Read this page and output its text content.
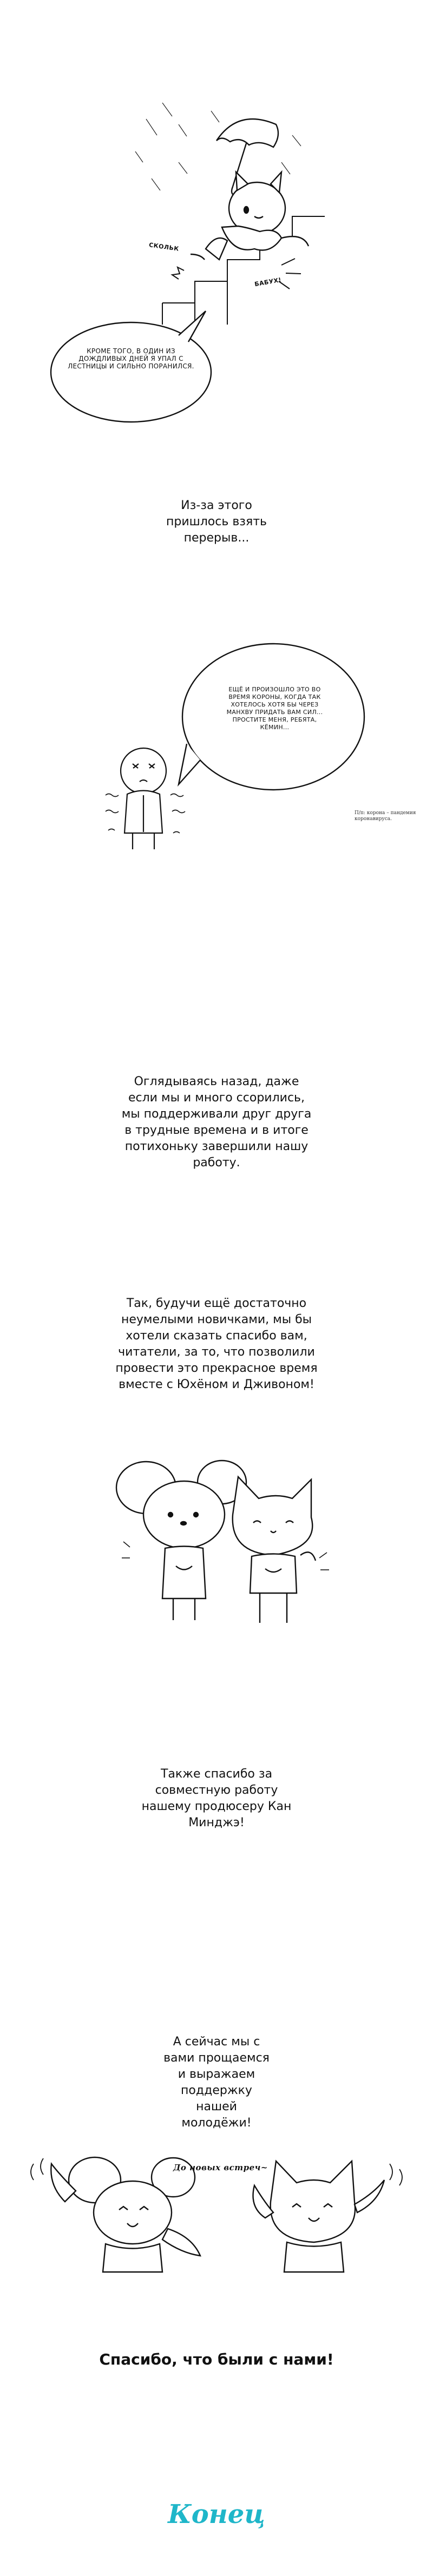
СКОЛЬК
БАБУХ!
КРОМЕ ТОГО, В ОДИН ИЗ ДОЖДЛИВЫХ ДНЕЙ Я УПАЛ С ЛЕСТНИЦЫ И СИЛЬНО ПОРАНИЛСЯ.
Из-за этого пришлось взять перерыв...
ЕЩЁ И ПРОИЗОШЛО ЭТО ВО ВРЕМЯ КОРОНЫ, КОГДА ТАК ХОТЕЛОСЬ ХОТЯ БЫ ЧЕРЕЗ МАНХВУ ПРИДАТЬ ВАМ СИЛ... ПРОСТИТЕ МЕНЯ, РЕБЯТА, КЁМИН...
П/п: корона – пандемия коронавируса.
Оглядываясь назад, даже если мы и много ссорились, мы поддерживали друг друга в трудные времена и в итоге потихоньку завершили нашу работу.
Так, будучи ещё достаточно неумелыми новичками, мы бы хотели сказать спасибо вам, читатели, за то, что позволили провести это прекрасное время вместе с Юхёном и Дживоном!
Также спасибо за совместную работу нашему продюсеру Кан Минджэ!
А сейчас мы с вами прощаемся и выражаем поддержку нашей молодёжи!
До новых встреч~
Спасибо, что были с нами!
Конец
